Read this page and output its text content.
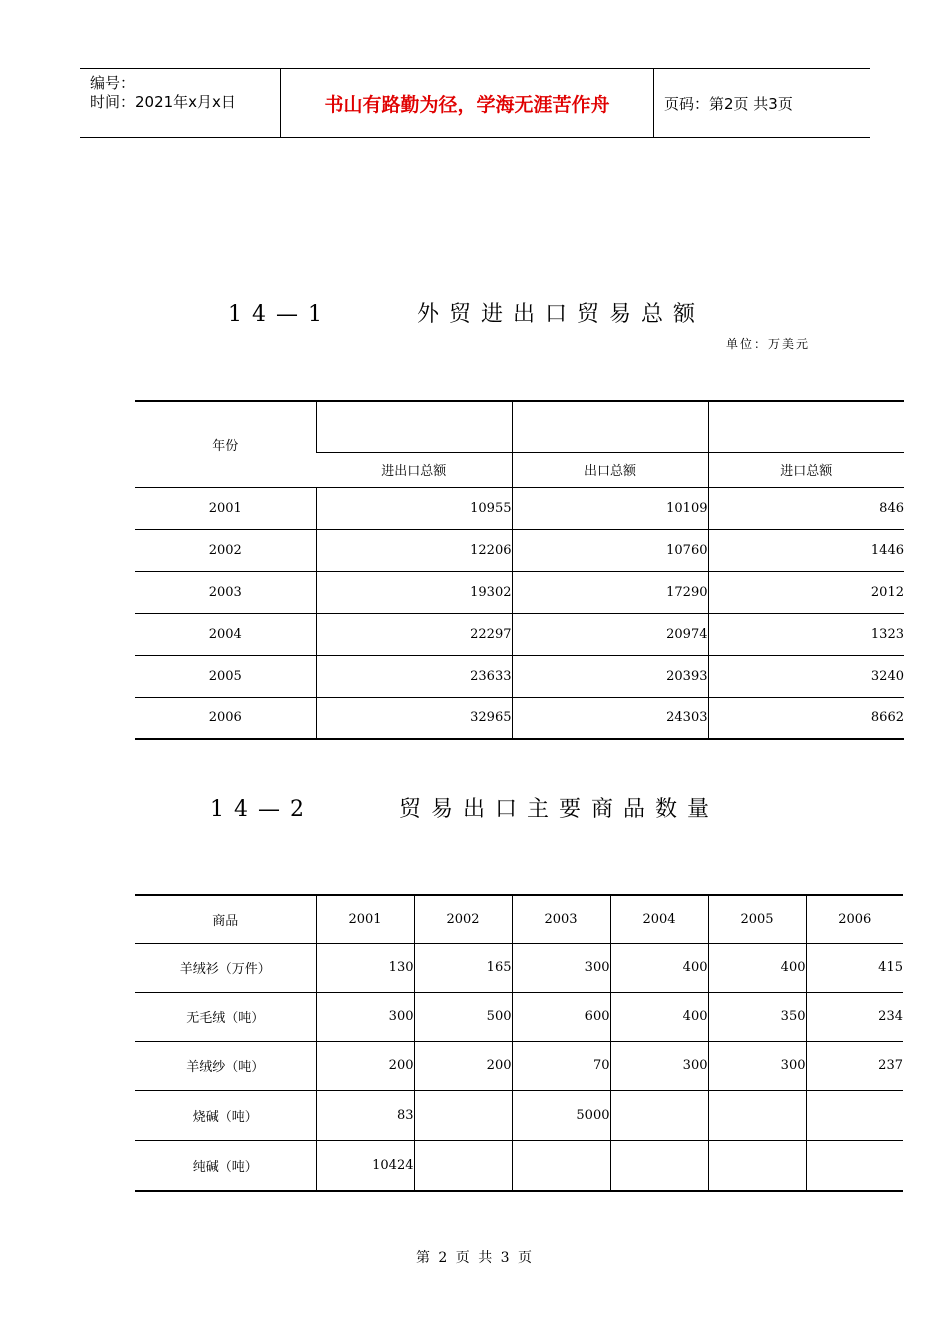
编号：
时间：2021年x月x日	书山有路勤为径，学海无涯苦作舟	页码：第2页 共3页
14—1     外贸进出口贸易总额
单位：万美元
年份			
	进出口总额	出口总额	进口总额
2001	10955	10109	846
2002	12206	10760	1446
2003	19302	17290	2012
2004	22297	20974	1323
2005	23633	20393	3240
2006	32965	24303	8662
14—2     贸易出口主要商品数量
商品	2001	2002	2003	2004	2005	2006
羊绒衫（万件）	130	165	300	400	400	415
无毛绒（吨）	300	500	600	400	350	234
羊绒纱（吨）	200	200	70	300	300	237
烧碱（吨）	83		5000			
纯碱（吨）	10424					
第 2 页 共 3 页
